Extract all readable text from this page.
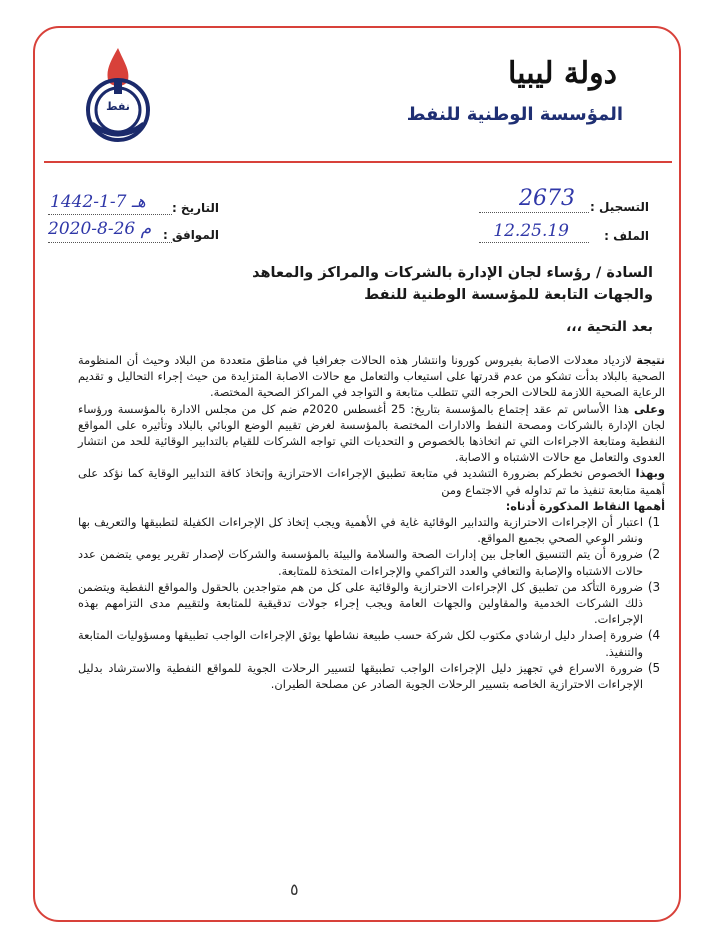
نفط
دولة ليبيا
المؤسسة الوطنية للنفط
التسجيل :
2673
الملف :
12.25.19
التاريخ :
1442-1-7 هـ
الموافق :
2020-8-26 م
السادة / رؤساء لجان الإدارة بالشركات والمراكز والمعاهد
والجهات التابعة للمؤسسة الوطنية للنفط
بعد التحية ،،،

نتيجة لازدياد معدلات الاصابة بفيروس كورونا وانتشار هذه الحالات جغرافيا في مناطق متعددة من البلاد وحيث أن المنظومة الصحية بالبلاد بدأت تشكو من عدم قدرتها على استيعاب والتعامل مع حالات الاصابة المتزايدة من حيث إجراء التحاليل و تقديم الرعاية الصحية اللازمة للحالات الحرجه التي تتطلب متابعة و التواجد في المراكز الصحية المختصة.

وعلى هذا الأساس تم عقد إجتماع بالمؤسسة بتاريخ: 25 أغسطس 2020م ضم كل من مجلس الادارة بالمؤسسة ورؤساء لجان الإدارة بالشركات ومصحة النفط والادارات المختصة بالمؤسسة لغرض تقييم الوضع الوبائي بالبلاد وتأثيره على المواقع النفطية ومتابعة الاجراءات التي تم اتخاذها بالخصوص و التحديات التي تواجه الشركات للقيام بالتدابير الوقائية للحد من انتشار العدوى والتعامل مع حالات الاشتباه و الاصابة.

وبهذا الخصوص نخطركم بضرورة التشديد في متابعة تطبيق الإجراءات الاحترازية وإتخاذ كافة التدابير الوقاية كما نؤكد على أهمية متابعة تنفيذ ما تم تداوله في الاجتماع ومن

أهمها النقاط المذكورة أدناه:

1)
اعتبار أن الإجراءات الاحترازية والتدابير الوقائية غاية في الأهمية ويجب إتخاذ كل الإجراءات الكفيلة لتطبيقها والتعريف بها ونشر الوعي الصحي بجميع المواقع.
2)
ضرورة أن يتم التنسيق العاجل بين إدارات الصحة والسلامة والبيئة بالمؤسسة والشركات لإصدار تقرير يومي يتضمن عدد حالات الاشتباه والإصابة والتعافي والعدد التراكمي والإجراءات المتخذة للمتابعة.
3)
ضرورة التأكد من تطبيق كل الإجراءات الاحترازية والوقائية على كل من هم متواجدين بالحقول والمواقع النفطية ويتضمن ذلك الشركات الخدمية والمقاولين والجهات العامة ويجب إجراء جولات تدقيقية للمتابعة ولتقييم مدى التزامهم بهذه الإجراءات.
4)
ضرورة إصدار دليل ارشادي مكتوب لكل شركة حسب طبيعة نشاطها يوثق الإجراءات الواجب تطبيقها ومسؤوليات المتابعة والتنفيذ.
5)
ضرورة الاسراع في تجهيز دليل الإجراءات الواجب تطبيقها لتسيير الرحلات الجوية للمواقع النفطية والاسترشاد بدليل الإجراءات الاحترازية الخاصه بتسيير الرحلات الجوية الصادر عن مصلحة الطيران.
٥
